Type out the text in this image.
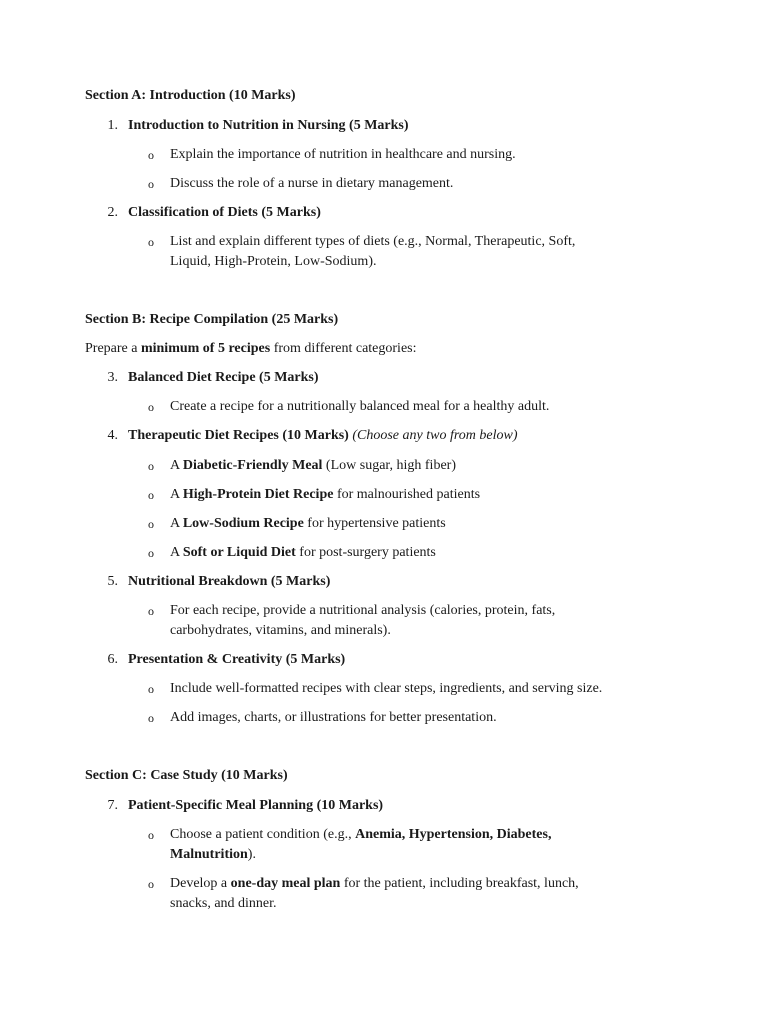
Section A: Introduction (10 Marks)
1. Introduction to Nutrition in Nursing (5 Marks)
o Explain the importance of nutrition in healthcare and nursing.
o Discuss the role of a nurse in dietary management.
2. Classification of Diets (5 Marks)
o List and explain different types of diets (e.g., Normal, Therapeutic, Soft,
Liquid, High-Protein, Low-Sodium).
Section B: Recipe Compilation (25 Marks)
Prepare a minimum of 5 recipes from different categories:
3. Balanced Diet Recipe (5 Marks)
o Create a recipe for a nutritionally balanced meal for a healthy adult.
4. Therapeutic Diet Recipes (10 Marks) (Choose any two from below)
o A Diabetic-Friendly Meal (Low sugar, high fiber)
o A High-Protein Diet Recipe for malnourished patients
o A Low-Sodium Recipe for hypertensive patients
o A Soft or Liquid Diet for post-surgery patients
5. Nutritional Breakdown (5 Marks)
o For each recipe, provide a nutritional analysis (calories, protein, fats,
carbohydrates, vitamins, and minerals).
6. Presentation & Creativity (5 Marks)
o Include well-formatted recipes with clear steps, ingredients, and serving size.
o Add images, charts, or illustrations for better presentation.
Section C: Case Study (10 Marks)
7. Patient-Specific Meal Planning (10 Marks)
o Choose a patient condition (e.g., Anemia, Hypertension, Diabetes,
Malnutrition).
o Develop a one-day meal plan for the patient, including breakfast, lunch,
snacks, and dinner.
